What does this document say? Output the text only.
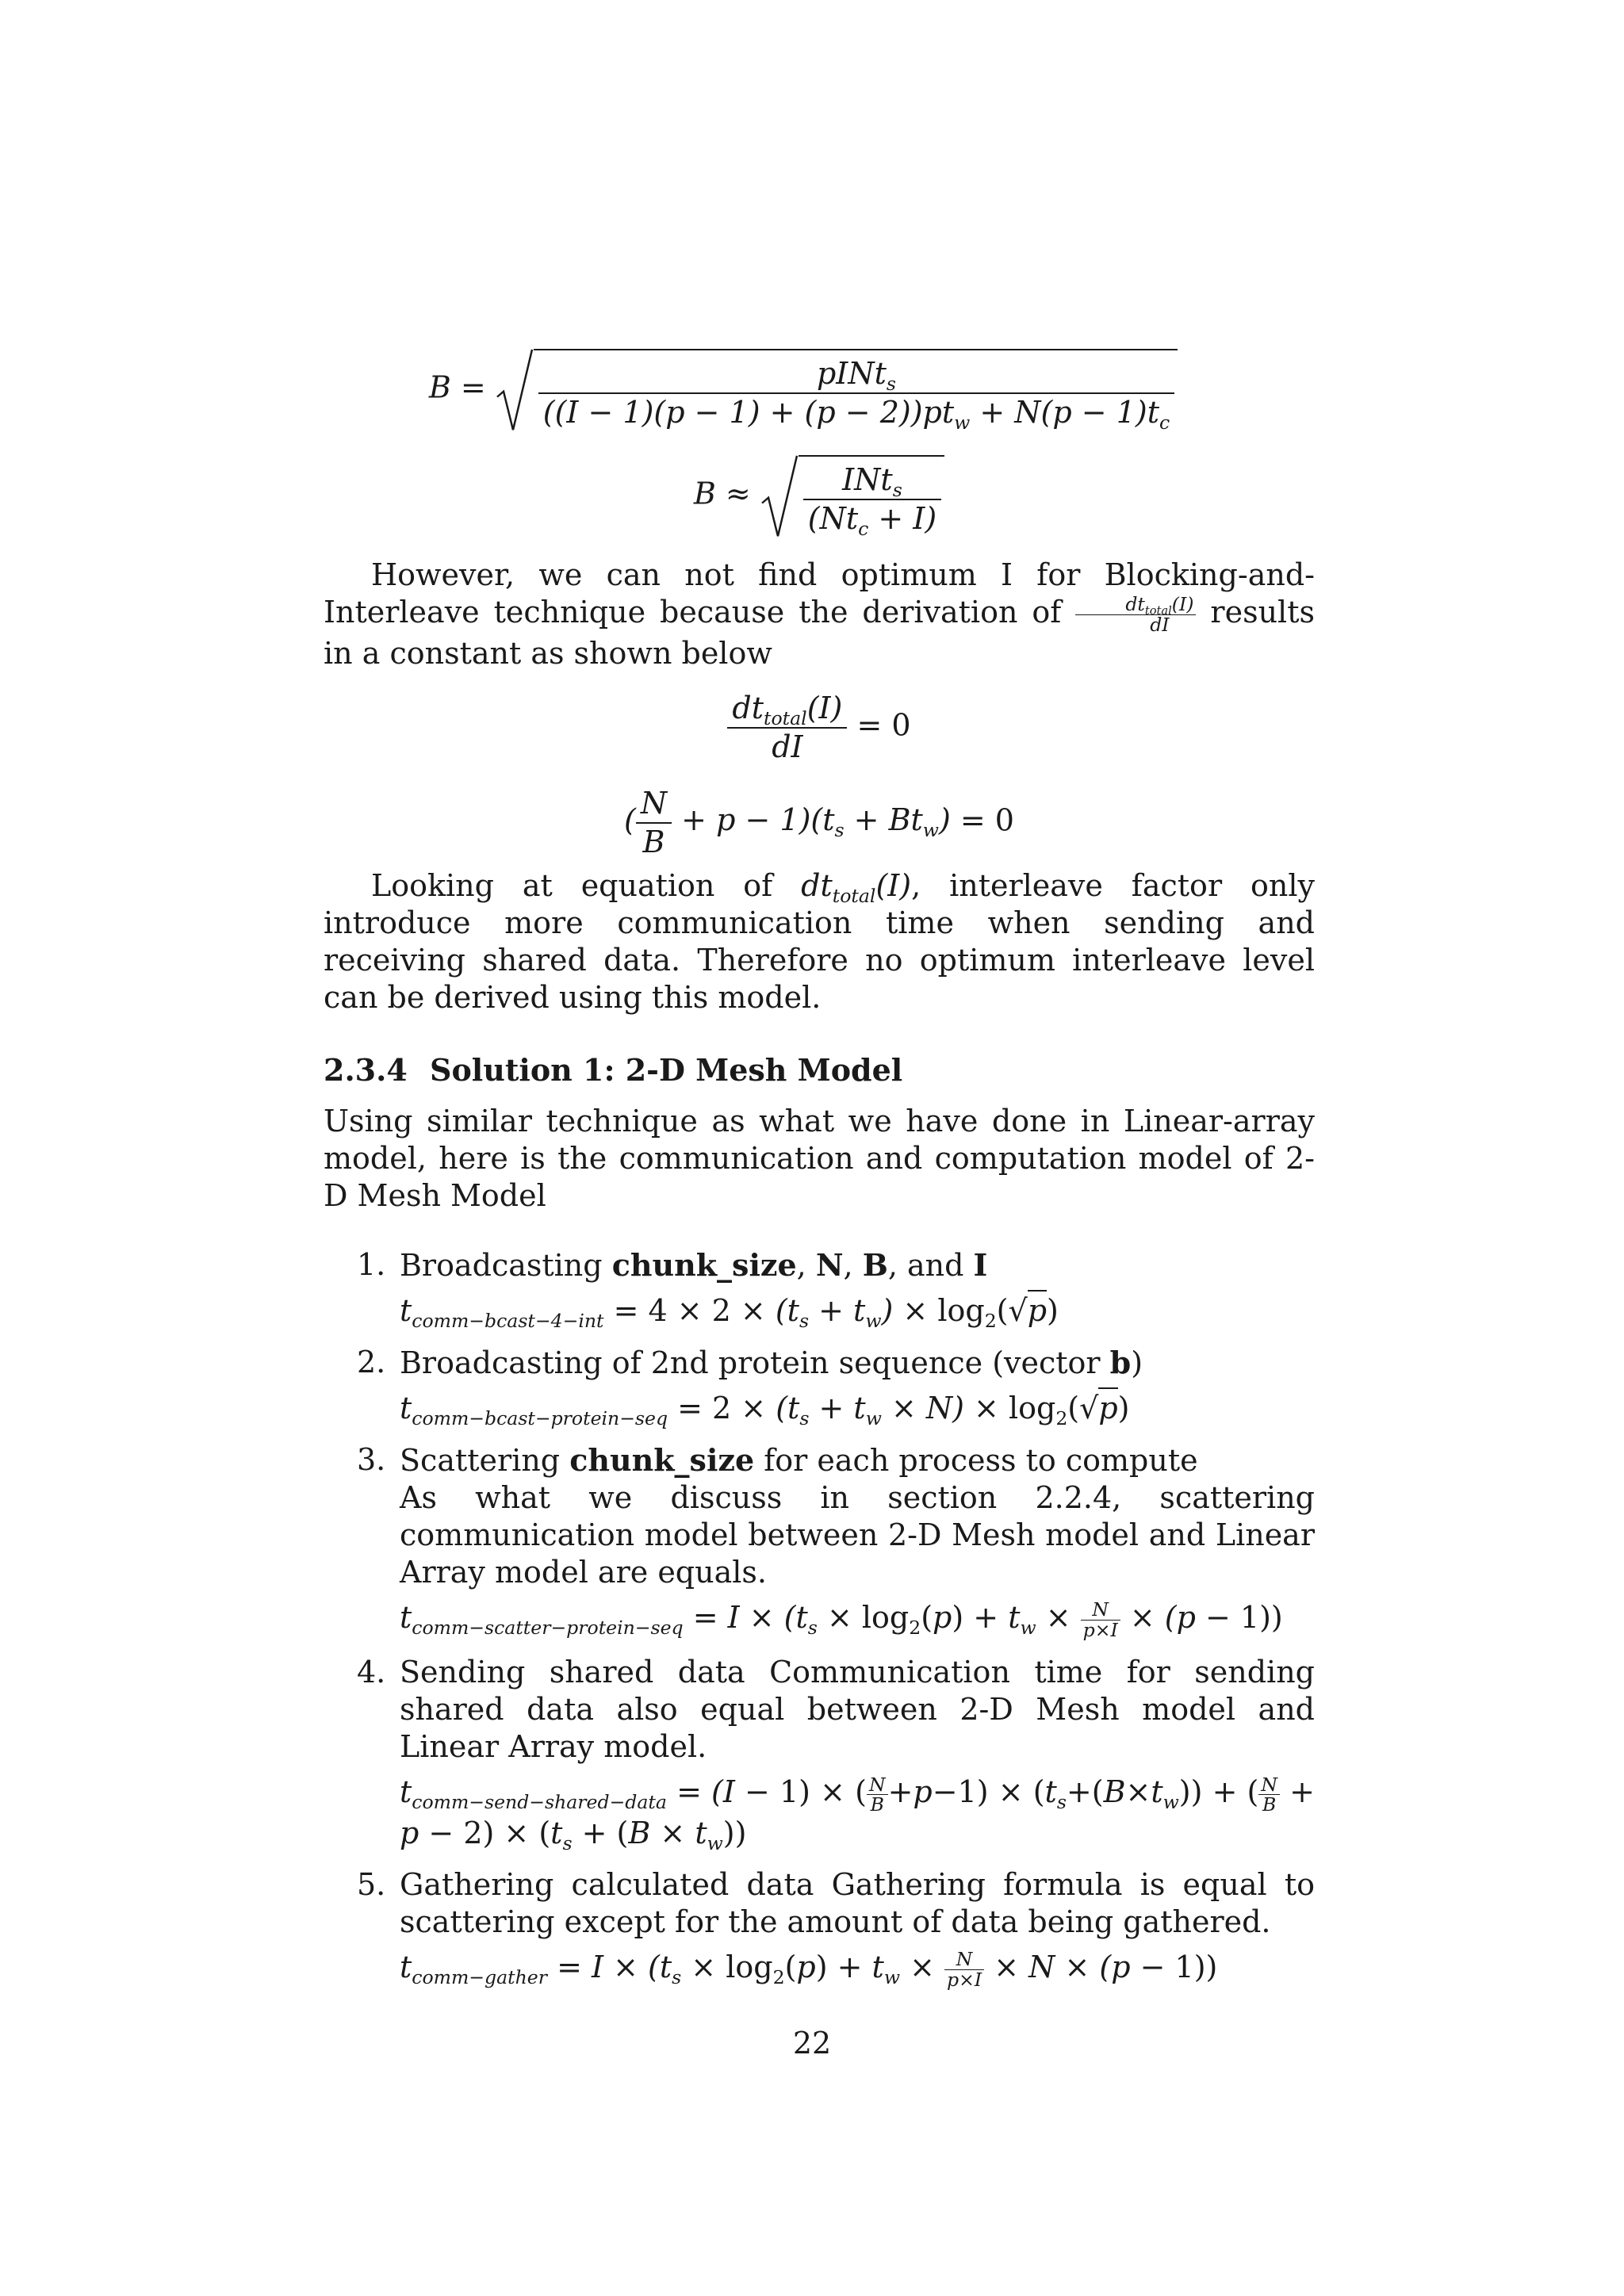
$B = \frac{pINt_s}{((I - 1)(p - 1) + (p - 2))pt_w + N(p - 1)t_c}$
$B \approx \frac{INt_s}{(Nt_c + I)}$
However, we can not find optimum I for Blocking-and-Interleave technique because the derivation of $\frac{dt_{total}(I)}{dI}$ results in a constant as shown below
$\frac{dt_{total}(I)}{dI} = 0$
( $\frac{N}{B} + p - 1)(t_s + Bt_w) = 0$
Looking at equation of $dt_{total}(I)$, interleave factor only introduce more communication time when sending and receiving shared data. Therefore no optimum interleave level can be derived using this model.
2.3.4 Solution 1: 2-D Mesh Model
Using similar technique as what we have done in Linear-array model, here is the communication and computation model of 2-D Mesh Model
1. Broadcasting chunk_size, N, B, and I
$t_{comm-bcast-4-int} = 4 \times 2 \times (t_s + t_w) \times \log_2(√p)$
2. Broadcasting of 2nd protein sequence (vector b)
$t_{comm-bcast-protein-seq} = 2 \times (t_s + t_w \times N) \times \log_2(√p)$
3. Scattering chunk_size for each process to compute
As what we discuss in section 2.2.4, scattering communication model between 2-D Mesh model and Linear Array model are equals.
$t_{comm-scatter-protein-seq} = I \times (t_s \times \log_2(p) + t_w \times \frac{N}{p\times I} \times (p - 1))$
4. Sending shared data Communication time for sending shared data also equal between 2-D Mesh model and Linear Array model.
$t_{comm-send-shared-data} = (I - 1)$ × ( $\frac{N}{B} +p-1) \times (t_s+(B\times t_w))$ + ( $\frac{N}{B} + p - 2) \times (t_s + (B \times t_w))$
5. Gathering calculated data Gathering formula is equal to scattering except for the amount of data being gathered.
$t_{comm-gather} = I \times (t_s \times \log_2(p) + t_w \times \frac{N}{p\times I} \times N \times (p - 1))$
22
